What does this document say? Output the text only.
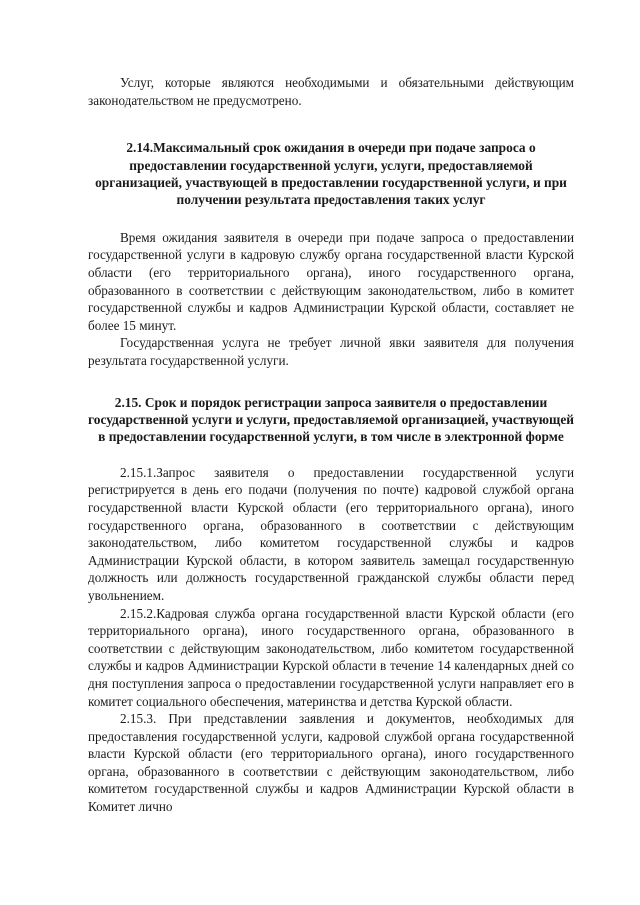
Услуг, которые являются необходимыми и обязательными действующим законодательством не предусмотрено.

2.14.Максимальный срок ожидания в очереди при подаче запроса о предоставлении государственной услуги, услуги, предоставляемой организацией, участвующей в предоставлении государственной услуги, и при получении результата предоставления таких услуг

Время ожидания заявителя в очереди при подаче запроса о предоставлении государственной услуги в кадровую службу органа государственной власти Курской области (его территориального органа), иного государственного органа, образованного в соответствии с действующим законодательством, либо в комитет государственной службы и кадров Администрации Курской области, составляет не более 15 минут.

Государственная услуга не требует личной явки заявителя для получения результата государственной услуги.

2.15. Срок и порядок регистрации запроса заявителя о предоставлении государственной услуги и услуги, предоставляемой организацией, участвующей в предоставлении государственной услуги, в том числе в электронной форме

2.15.1.Запрос заявителя о предоставлении государственной услуги регистрируется в день его подачи (получения по почте) кадровой службой органа государственной власти Курской области (его территориального органа), иного государственного органа, образованного в соответствии с действующим законодательством, либо комитетом государственной службы и кадров Администрации Курской области, в котором заявитель замещал государственную должность или должность государственной гражданской службы области перед увольнением.

2.15.2.Кадровая служба органа государственной власти Курской области (его территориального органа), иного государственного органа, образованного в соответствии с действующим законодательством, либо комитетом государственной службы и кадров Администрации Курской области в течение 14 календарных дней со дня поступления запроса о предоставлении государственной услуги направляет его в комитет социального обеспечения, материнства и детства Курской области.

2.15.3. При представлении заявления и документов, необходимых для предоставления государственной услуги, кадровой службой органа государственной власти Курской области (его территориального органа), иного государственного органа, образованного в соответствии с действующим законодательством, либо комитетом государственной службы и кадров Администрации Курской области в Комитет лично
